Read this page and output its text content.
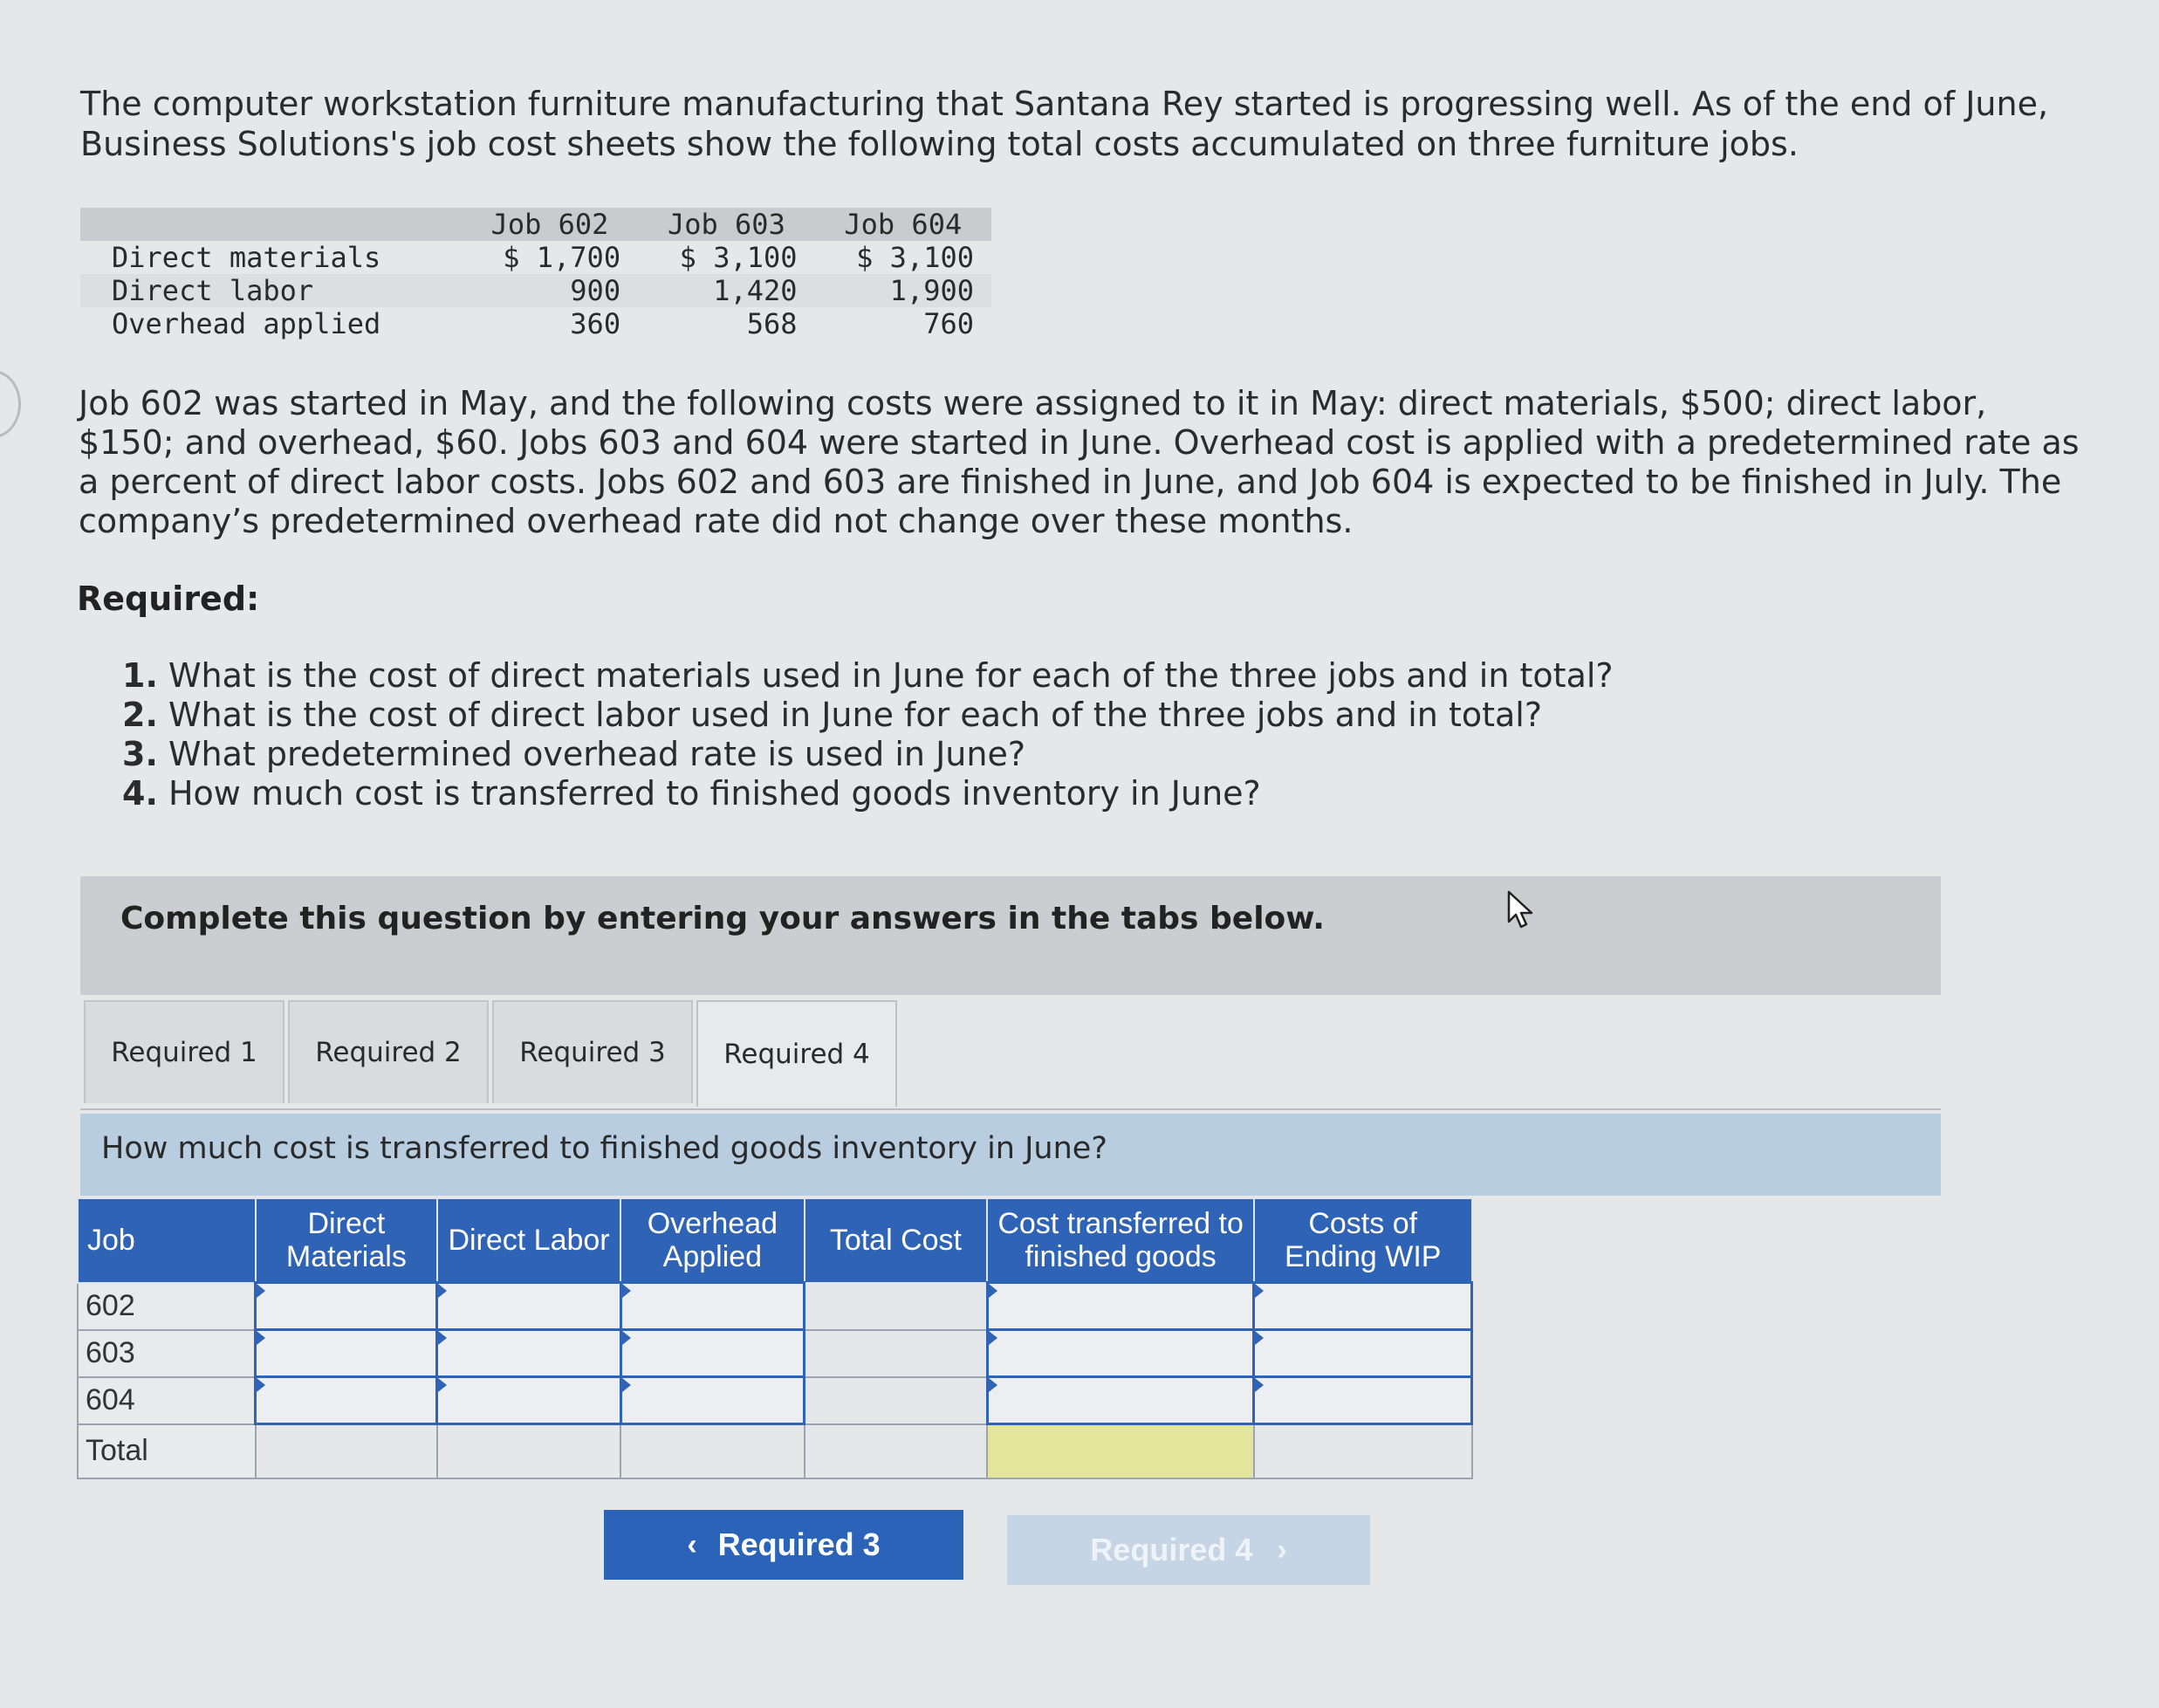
The computer workstation furniture manufacturing that Santana Rey started is progressing well. As of the end of June, Business Solutions's job cost sheets show the following total costs accumulated on three furniture jobs.
Job 602	Job 603	Job 604
Direct materials	$ 1,700	$ 3,100	$ 3,100
Direct labor	900	1,420	1,900
Overhead applied	360	568	760
Job 602 was started in May, and the following costs were assigned to it in May: direct materials, $500; direct labor, $150; and overhead, $60. Jobs 603 and 604 were started in June. Overhead cost is applied with a predetermined rate as a percent of direct labor costs. Jobs 602 and 603 are finished in June, and Job 604 is expected to be finished in July. The company’s predetermined overhead rate did not change over these months.
Required:
1. What is the cost of direct materials used in June for each of the three jobs and in total?
2. What is the cost of direct labor used in June for each of the three jobs and in total?
3. What predetermined overhead rate is used in June?
4. How much cost is transferred to finished goods inventory in June?
Complete this question by entering your answers in the tabs below.
Required 1	Required 2	Required 3	Required 4
How much cost is transferred to finished goods inventory in June?
Job	Direct Materials	Direct Labor	Overhead Applied	Total Cost	Cost transferred to finished goods	Costs of Ending WIP
602						
603						
604						
Total						
‹ Required 3	Required 4 ›
